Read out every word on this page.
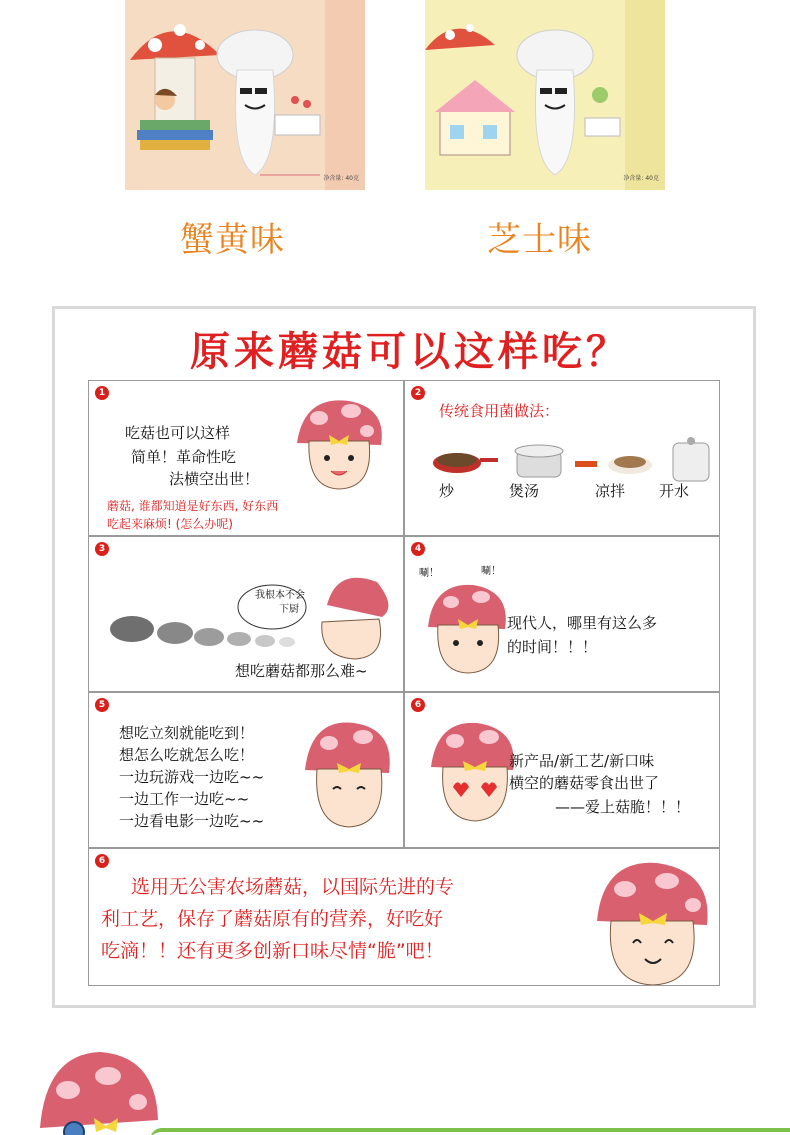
净含量: 40克	净含量: 40克
蟹黄味	芝士味
原来蘑菇可以这样吃？
1
吃菇也可以这样
简单！革命性吃
法横空出世！
蘑菇, 谁都知道是好东西, 好东西
吃起来麻烦! (怎么办呢)
2
传统食用菌做法：
炒	煲汤	凉拌 开水
3
我根本不会
下厨
想吃蘑菇都那么难~
4
唰！	唰！
现代人，哪里有这么多
的时间！！！
5
想吃立刻就能吃到！
想怎么吃就怎么吃！
一边玩游戏一边吃~~
一边工作一边吃~~
一边看电影一边吃~~
6
新产品/新工艺/新口味
横空的蘑菇零食出世了
——爱上菇脆！！！
6
选用无公害农场蘑菇，以国际先进的专
利工艺，保存了蘑菇原有的营养，好吃好
吃滴！！还有更多创新口味尽情“脆”吧！
